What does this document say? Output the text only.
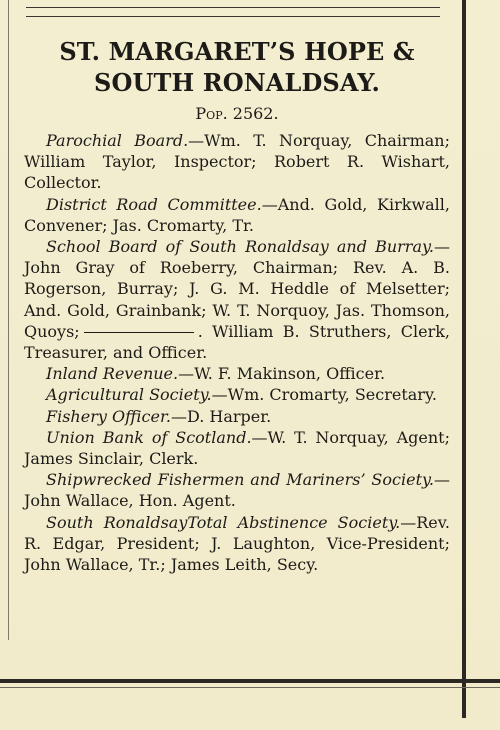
ST. MARGARET’S HOPE & SOUTH RONALDSAY.
Pop. 2562.

Parochial Board.—Wm. T. Norquay, Chairman; William Taylor, Inspector; Robert R. Wishart, Collector.

District Road Committee.—And. Gold, Kirkwall, Convener; Jas. Cromarty, Tr.

School Board of South Ronaldsay and Burray.—John Gray of Roeberry, Chairman; Rev. A. B. Rogerson, Burray; J. G. M. Heddle of Melsetter; And. Gold, Grainbank; W. T. Norquoy, Jas. Thomson, Quoys;	. William B. Struthers, Clerk, Treasurer, and Officer.

Inland Revenue.—W. F. Makinson, Officer.

Agricultural Society.—Wm. Cromarty, Secretary.

Fishery Officer.—D. Harper.

Union Bank of Scotland.—W. T. Norquay, Agent; James Sinclair, Clerk.

Shipwrecked Fishermen and Mariners’ Society.—John Wallace, Hon. Agent.

South RonaldsayTotal Abstinence Society.—Rev. R. Edgar, President; J. Laughton, Vice-President; John Wallace, Tr.; James Leith, Secy.
